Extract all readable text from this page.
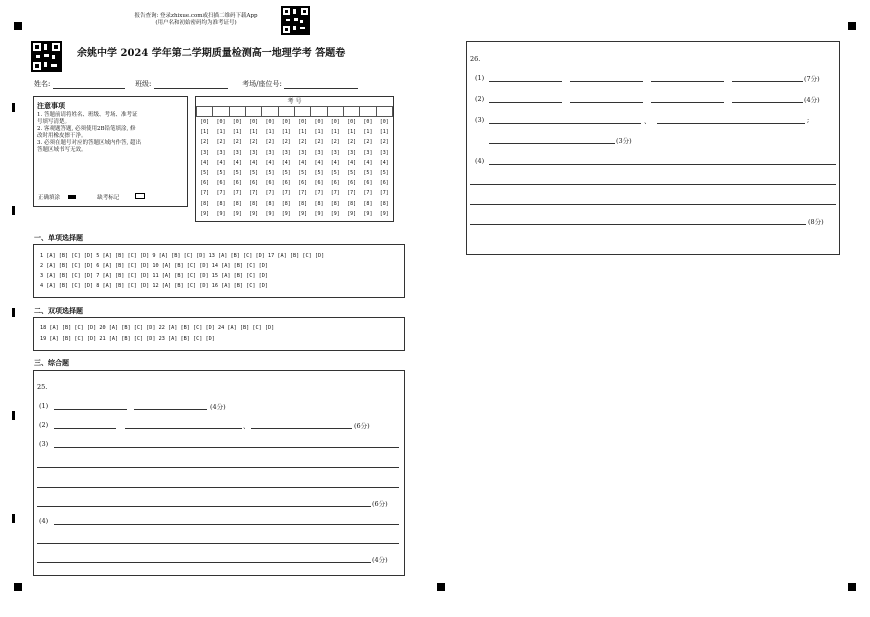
报告查询: 登录zhixue.com或扫描二维码下载App
(用户名和初始密码均为准考证号)
余姚中学 2024 学年第二学期质量检测高一地理学考 答题卷
姓名:	班级:	考场/座位号:
注意事项
1. 答题前请将姓名、班级、考场、准考证
号填写清楚。
2. 客观题答题, 必须使用2B铅笔填涂, 修
改时用橡皮擦干净。
3. 必须在题号对应的答题区域内作答, 超出
答题区域书写无效。
正确填涂	缺考标记
考 号

[0]	[0]	[0]	[0]	[0]	[0]	[0]	[0]	[0]	[0]	[0]	[0]
[1]	[1]	[1]	[1]	[1]	[1]	[1]	[1]	[1]	[1]	[1]	[1]
[2]	[2]	[2]	[2]	[2]	[2]	[2]	[2]	[2]	[2]	[2]	[2]
[3]	[3]	[3]	[3]	[3]	[3]	[3]	[3]	[3]	[3]	[3]	[3]
[4]	[4]	[4]	[4]	[4]	[4]	[4]	[4]	[4]	[4]	[4]	[4]
[5]	[5]	[5]	[5]	[5]	[5]	[5]	[5]	[5]	[5]	[5]	[5]
[6]	[6]	[6]	[6]	[6]	[6]	[6]	[6]	[6]	[6]	[6]	[6]
[7]	[7]	[7]	[7]	[7]	[7]	[7]	[7]	[7]	[7]	[7]	[7]
[8]	[8]	[8]	[8]	[8]	[8]	[8]	[8]	[8]	[8]	[8]	[8]
[9]	[9]	[9]	[9]	[9]	[9]	[9]	[9]	[9]	[9]	[9]	[9]
一、单项选择题
1 [A] [B] [C] [D] 5 [A] [B] [C] [D] 9 [A] [B] [C] [D] 13 [A] [B] [C] [D] 17 [A] [B] [C] [D]
2 [A] [B] [C] [D] 6 [A] [B] [C] [D] 10 [A] [B] [C] [D] 14 [A] [B] [C] [D]
3 [A] [B] [C] [D] 7 [A] [B] [C] [D] 11 [A] [B] [C] [D] 15 [A] [B] [C] [D]
4 [A] [B] [C] [D] 8 [A] [B] [C] [D] 12 [A] [B] [C] [D] 16 [A] [B] [C] [D]
二、双项选择题
18 [A] [B] [C] [D] 20 [A] [B] [C] [D] 22 [A] [B] [C] [D] 24 [A] [B] [C] [D]
19 [A] [B] [C] [D] 21 [A] [B] [C] [D] 23 [A] [B] [C] [D]
三、综合题
25.
(1)	(4分)
(2)	、	(6分)
(3)
(6分)
(4)
(4分)
26.
(1)	(7分)
(2)	(4分)
(3)	、	;
(3分)
(4)
(8分)
